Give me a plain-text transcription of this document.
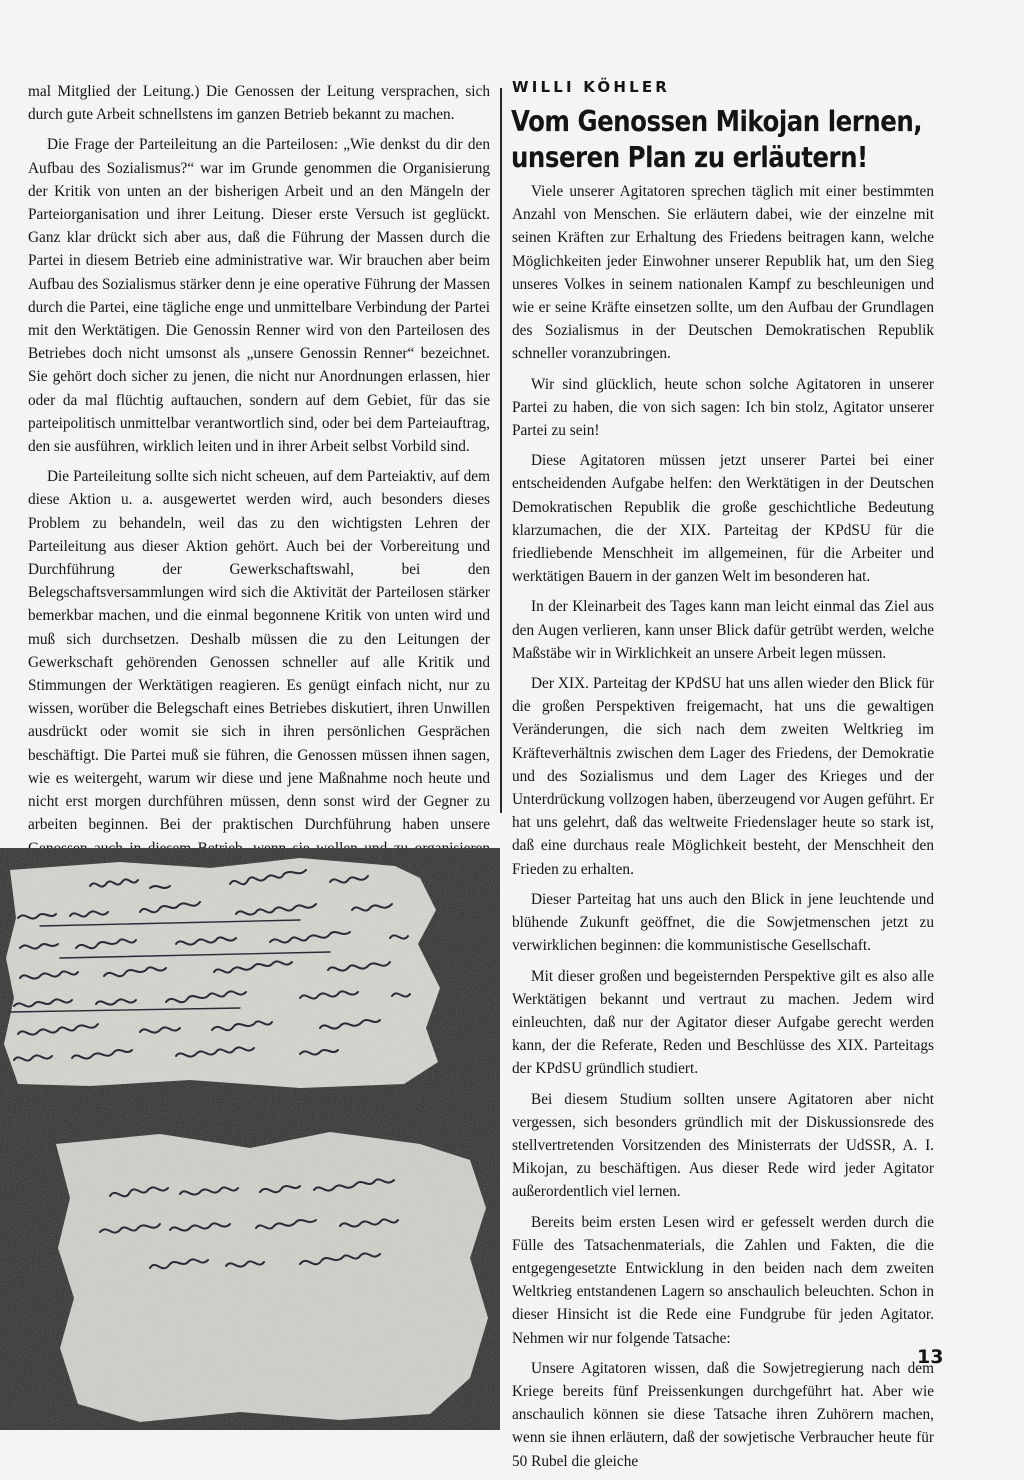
mal Mitglied der Leitung.) Die Genossen der Leitung versprachen, sich durch gute Arbeit schnellstens im ganzen Betrieb bekannt zu machen.

Die Frage der Parteileitung an die Parteilosen: „Wie denkst du dir den Aufbau des Sozialismus?“ war im Grunde genommen die Organisierung der Kritik von unten an der bisherigen Arbeit und an den Mängeln der Parteiorganisation und ihrer Leitung. Dieser erste Versuch ist geglückt. Ganz klar drückt sich aber aus, daß die Führung der Massen durch die Partei in diesem Betrieb eine administrative war. Wir brauchen aber beim Aufbau des Sozialismus stärker denn je eine operative Führung der Massen durch die Partei, eine tägliche enge und unmittelbare Verbindung der Partei mit den Werktätigen. Die Genossin Renner wird von den Parteilosen des Betriebes doch nicht umsonst als „unsere Genossin Renner“ bezeichnet. Sie gehört doch sicher zu jenen, die nicht nur Anordnungen erlassen, hier oder da mal flüchtig auftauchen, sondern auf dem Gebiet, für das sie parteipolitisch unmittelbar verantwortlich sind, oder bei dem Parteiauftrag, den sie ausführen, wirklich leiten und in ihrer Arbeit selbst Vorbild sind.

Die Parteileitung sollte sich nicht scheuen, auf dem Parteiaktiv, auf dem diese Aktion u. a. ausgewertet werden wird, auch besonders dieses Problem zu behandeln, weil das zu den wichtigsten Lehren der Parteileitung aus dieser Aktion gehört. Auch bei der Vorbereitung und Durchführung der Gewerkschaftswahl, bei den Belegschaftsversammlungen wird sich die Aktivität der Parteilosen stärker bemerkbar machen, und die einmal begonnene Kritik von unten wird und muß sich durchsetzen. Deshalb müssen die zu den Leitungen der Gewerkschaft gehörenden Genossen schneller auf alle Kritik und Stimmungen der Werktätigen reagieren. Es genügt einfach nicht, nur zu wissen, worüber die Belegschaft eines Betriebes diskutiert, ihren Unwillen ausdrückt oder womit sie sich in ihren persönlichen Gesprächen beschäftigt. Die Partei muß sie führen, die Genossen müssen ihnen sagen, wie es weitergeht, warum wir diese und jene Maßnahme noch heute und nicht erst morgen durchführen müssen, denn sonst wird der Gegner zu arbeiten beginnen. Bei der praktischen Durchführung haben unsere

WILLI KÖHLER
Vom Genossen Mikojan lernen,
unseren Plan zu erläutern!

Viele unserer Agitatoren sprechen täglich mit einer bestimmten Anzahl von Menschen. Sie erläutern dabei, wie der einzelne mit seinen Kräften zur Erhaltung des Friedens beitragen kann, welche Möglichkeiten jeder Einwohner unserer Republik hat, um den Sieg unseres Volkes in seinem nationalen Kampf zu beschleunigen und wie er seine Kräfte einsetzen sollte, um den Aufbau der Grundlagen des Sozialismus in der Deutschen Demokratischen Republik schneller voranzubringen.

Wir sind glücklich, heute schon solche Agitatoren in unserer Partei zu haben, die von sich sagen: Ich bin stolz, Agitator unserer Partei zu sein!

Diese Agitatoren müssen jetzt unserer Partei bei einer entscheidenden Aufgabe helfen: den Werktätigen in der Deutschen Demokratischen Republik die große geschichtliche Bedeutung klarzumachen, die der XIX. Parteitag der KPdSU für die friedliebende Menschheit im allgemeinen, für die Arbeiter und werktätigen Bauern in der ganzen Welt im besonderen hat.

In der Kleinarbeit des Tages kann man leicht einmal das Ziel aus den Augen verlieren, kann unser Blick dafür getrübt werden, welche Maßstäbe wir in Wirklichkeit an unsere Arbeit legen müssen.

Der XIX. Parteitag der KPdSU hat uns allen wieder den Blick für die großen Perspektiven freigemacht, hat uns die gewaltigen Veränderungen, die sich nach dem zweiten Weltkrieg im Kräfteverhältnis zwischen dem Lager des Friedens, der Demokratie und des Sozialismus und dem Lager des Krieges und der Unterdrückung vollzogen haben, überzeugend vor Augen geführt. Er hat uns gelehrt, daß das weltweite Friedenslager heute so stark ist, daß eine durchaus reale Möglichkeit besteht, der Menschheit den Frieden zu erhalten.

Dieser Parteitag hat uns auch den Blick in jene leuchtende und blühende Zukunft geöffnet, die die Sowjetmenschen jetzt zu verwirklichen beginnen: die kommunistische Gesellschaft.

Mit dieser großen und begeisternden Perspektive gilt es also alle Werktätigen bekannt und vertraut zu machen. Jedem wird einleuchten, daß nur der Agitator dieser Aufgabe gerecht werden kann, der die Referate, Reden und Beschlüsse des XIX. Parteitags der KPdSU gründlich studiert.

Bei diesem Studium sollten unsere Agitatoren aber nicht vergessen, sich besonders gründlich mit der Diskussionsrede des stellvertretenden Vorsitzenden des Ministerrats der UdSSR, A. I. Mikojan, zu beschäftigen. Aus dieser Rede wird jeder Agitator außerordentlich viel lernen.

Bereits beim ersten Lesen wird er gefesselt werden durch die Fülle des Tatsachenmaterials, die Zahlen und Fakten, die die entgegengesetzte Entwicklung in den beiden nach dem zweiten Weltkrieg entstandenen Lagern so anschaulich beleuchten. Schon in dieser Hinsicht ist die Rede eine Fundgrube für jeden Agitator. Nehmen wir nur folgende Tatsache:

Unsere Agitatoren wissen, daß die Sowjetregierung nach dem Kriege bereits fünf Preissenkungen durchgeführt hat. Aber wie anschaulich können sie diese Tatsache ihren Zuhörern machen, wenn sie ihnen erläutern, daß der sowjetische Verbraucher heute für 50 Rubel die gleiche

13
